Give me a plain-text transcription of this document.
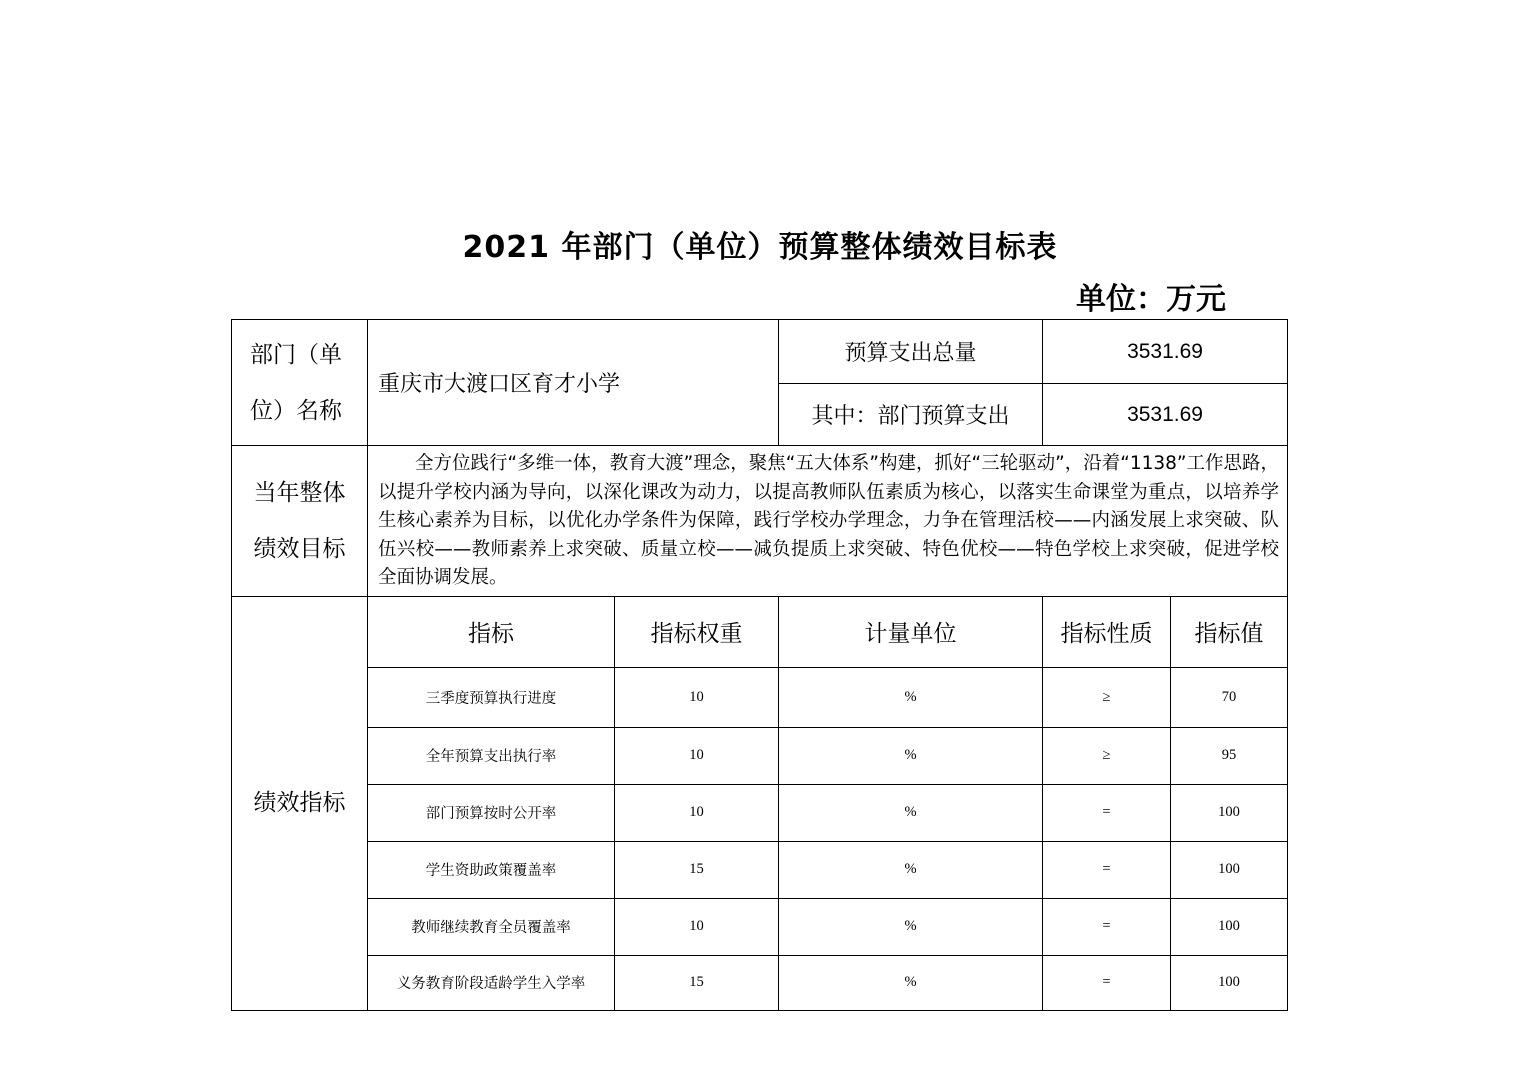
2021 年部门（单位）预算整体绩效目标表
单位：万元
部门（单
位）名称	重庆市大渡口区育才小学		预算支出总量	3531.69	
			其中：部门预算支出	3531.69	

当年整体
绩效目标	全方位践行“多维一体，教育大渡”理念，聚焦“五大体系”构建，抓好“三轮驱动”，沿着“1138”工作思路，以提升学校内涵为导向，以深化课改为动力，以提高教师队伍素质为核心，以落实生命课堂为重点，以培养学生核心素养为目标，以优化办学条件为保障，践行学校办学理念，力争在管理活校——内涵发展上求突破、队伍兴校——教师素养上求突破、质量立校——减负提质上求突破、特色优校——特色学校上求突破，促进学校全面协调发展。				

绩效指标	指标	指标权重	计量单位	指标性质	指标值
	三季度预算执行进度	10	%	≥	70
	全年预算支出执行率	10	%	≥	95
	部门预算按时公开率	10	%	=	100
	学生资助政策覆盖率	15	%	=	100
	教师继续教育全员覆盖率	10	%	=	100
	义务教育阶段适龄学生入学率	15	%	=	100
